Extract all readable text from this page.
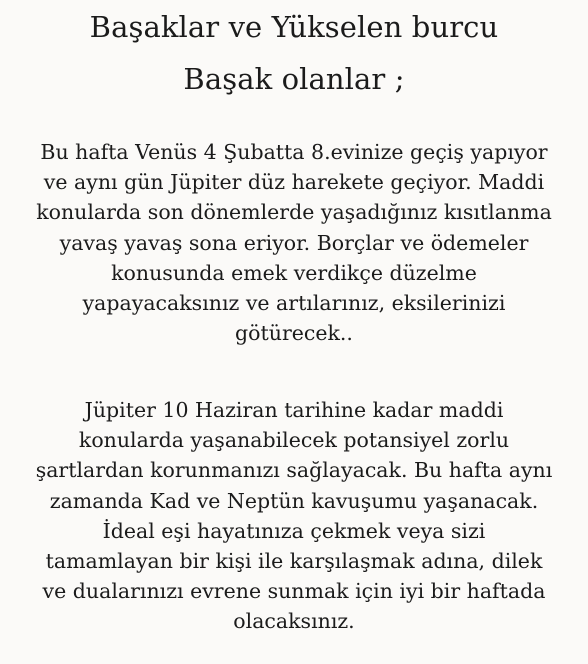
Başaklar ve Yükselen burcu
Başak olanlar ;

Bu hafta Venüs 4 Şubatta 8.evinize geçiş yapıyor
ve aynı gün Jüpiter düz harekete geçiyor. Maddi
konularda son dönemlerde yaşadığınız kısıtlanma
yavaş yavaş sona eriyor. Borçlar ve ödemeler
konusunda emek verdikçe düzelme
yapayacaksınız ve artılarınız, eksilerinizi
götürecek..

Jüpiter 10 Haziran tarihine kadar maddi
konularda yaşanabilecek potansiyel zorlu
şartlardan korunmanızı sağlayacak. Bu hafta aynı
zamanda Kad ve Neptün kavuşumu yaşanacak.
İdeal eşi hayatınıza çekmek veya sizi
tamamlayan bir kişi ile karşılaşmak adına, dilek
ve dualarınızı evrene sunmak için iyi bir haftada
olacaksınız.
